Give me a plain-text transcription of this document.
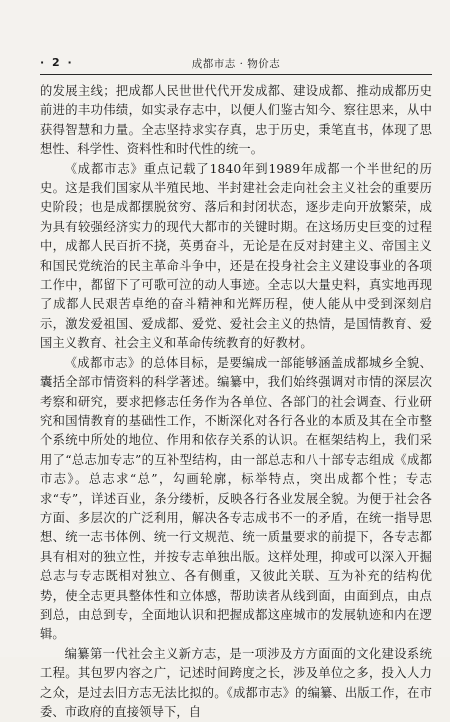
· 2 ·	成都市志 · 物价志

的发展主线；把成都人民世世代代开发成都、建设成都、推动成都历史前进的丰功伟绩，如实录存志中，以便人们鉴古知今、察往思来，从中获得智慧和力量。全志坚持求实存真，忠于历史，秉笔直书，体现了思想性、科学性、资料性和时代性的统一。

《成都市志》重点记载了1840年到1989年成都一个半世纪的历史。这是我们国家从半殖民地、半封建社会走向社会主义社会的重要历史阶段；也是成都摆脱贫穷、落后和封闭状态，逐步走向开放繁荣，成为具有较强经济实力的现代大都市的关键时期。在这场历史巨变的过程中，成都人民百折不挠，英勇奋斗，无论是在反对封建主义、帝国主义和国民党统治的民主革命斗争中，还是在投身社会主义建设事业的各项工作中，都留下了可歌可泣的动人事迹。全志以大量史料，真实地再现了成都人民艰苦卓绝的奋斗精神和光辉历程，使人能从中受到深刻启示，激发爱祖国、爱成都、爱党、爱社会主义的热情，是国情教育、爱国主义教育、社会主义和革命传统教育的好教材。

《成都市志》的总体目标，是要编成一部能够涵盖成都城乡全貌、囊括全部市情资料的科学著述。编纂中，我们始终强调对市情的深层次考察和研究，要求把修志任务作为各单位、各部门的社会调查、行业研究和国情教育的基础性工作，不断深化对各行各业的本质及其在全市整个系统中所处的地位、作用和依存关系的认识。在框架结构上，我们采用了“总志加专志”的互补型结构，由一部总志和八十部专志组成《成都市志》。总志求“总”，勾画轮廓，标举特点，突出成都个性；专志求“专”，详述百业，条分缕析，反映各行各业发展全貌。为便于社会各方面、多层次的广泛利用，解决各专志成书不一的矛盾，在统一指导思想、统一志书体例、统一行文规范、统一质量要求的前提下，各专志都具有相对的独立性，并按专志单独出版。这样处理，抑或可以深入开掘总志与专志既相对独立、各有侧重，又彼此关联、互为补充的结构优势，使全志更具整体性和立体感，帮助读者从线到面，由面到点，由点到总，由总到专，全面地认识和把握成都这座城市的发展轨迹和内在逻辑。

编纂第一代社会主义新方志，是一项涉及方方面面的文化建设系统工程。其包罗内容之广，记述时间跨度之长，涉及单位之多，投入人力之众，是过去旧方志无法比拟的。《成都市志》的编纂、出版工作，在市委、市政府的直接领导下，自
